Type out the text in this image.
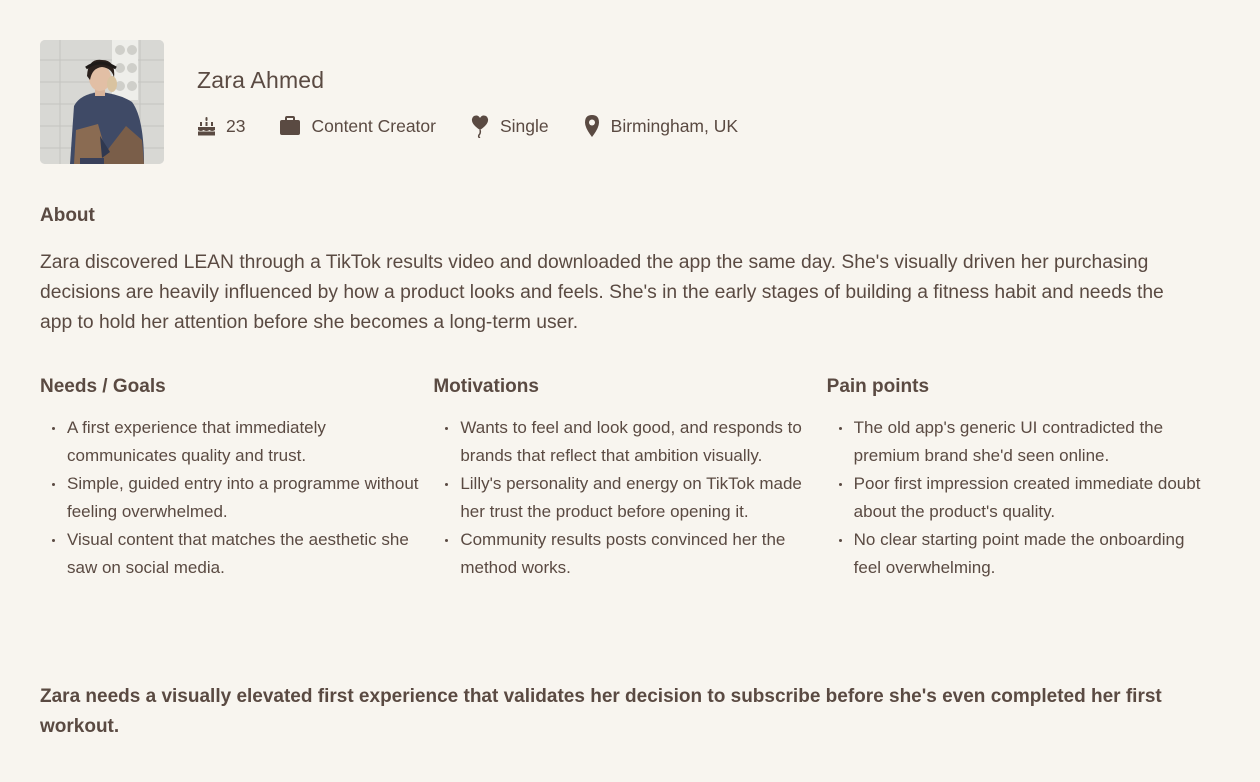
Zara Ahmed
23	Content Creator	Single	Birmingham, UK
About
Zara discovered LEAN through a TikTok results video and downloaded the app the same day. She's visually driven her purchasing decisions are heavily influenced by how a product looks and feels. She's in the early stages of building a fitness habit and needs the app to hold her attention before she becomes a long-term user.
Needs / Goals
A first experience that immediately communicates quality and trust.
Simple, guided entry into a programme without feeling overwhelmed.
Visual content that matches the aesthetic she saw on social media.
Motivations
Wants to feel and look good, and responds to brands that reflect that ambition visually.
Lilly's personality and energy on TikTok made her trust the product before opening it.
Community results posts convinced her the method works.
Pain points
The old app's generic UI contradicted the premium brand she'd seen online.
Poor first impression created immediate doubt about the product's quality.
No clear starting point made the onboarding feel overwhelming.
Zara needs a visually elevated first experience that validates her decision to subscribe before she's even completed her first workout.
